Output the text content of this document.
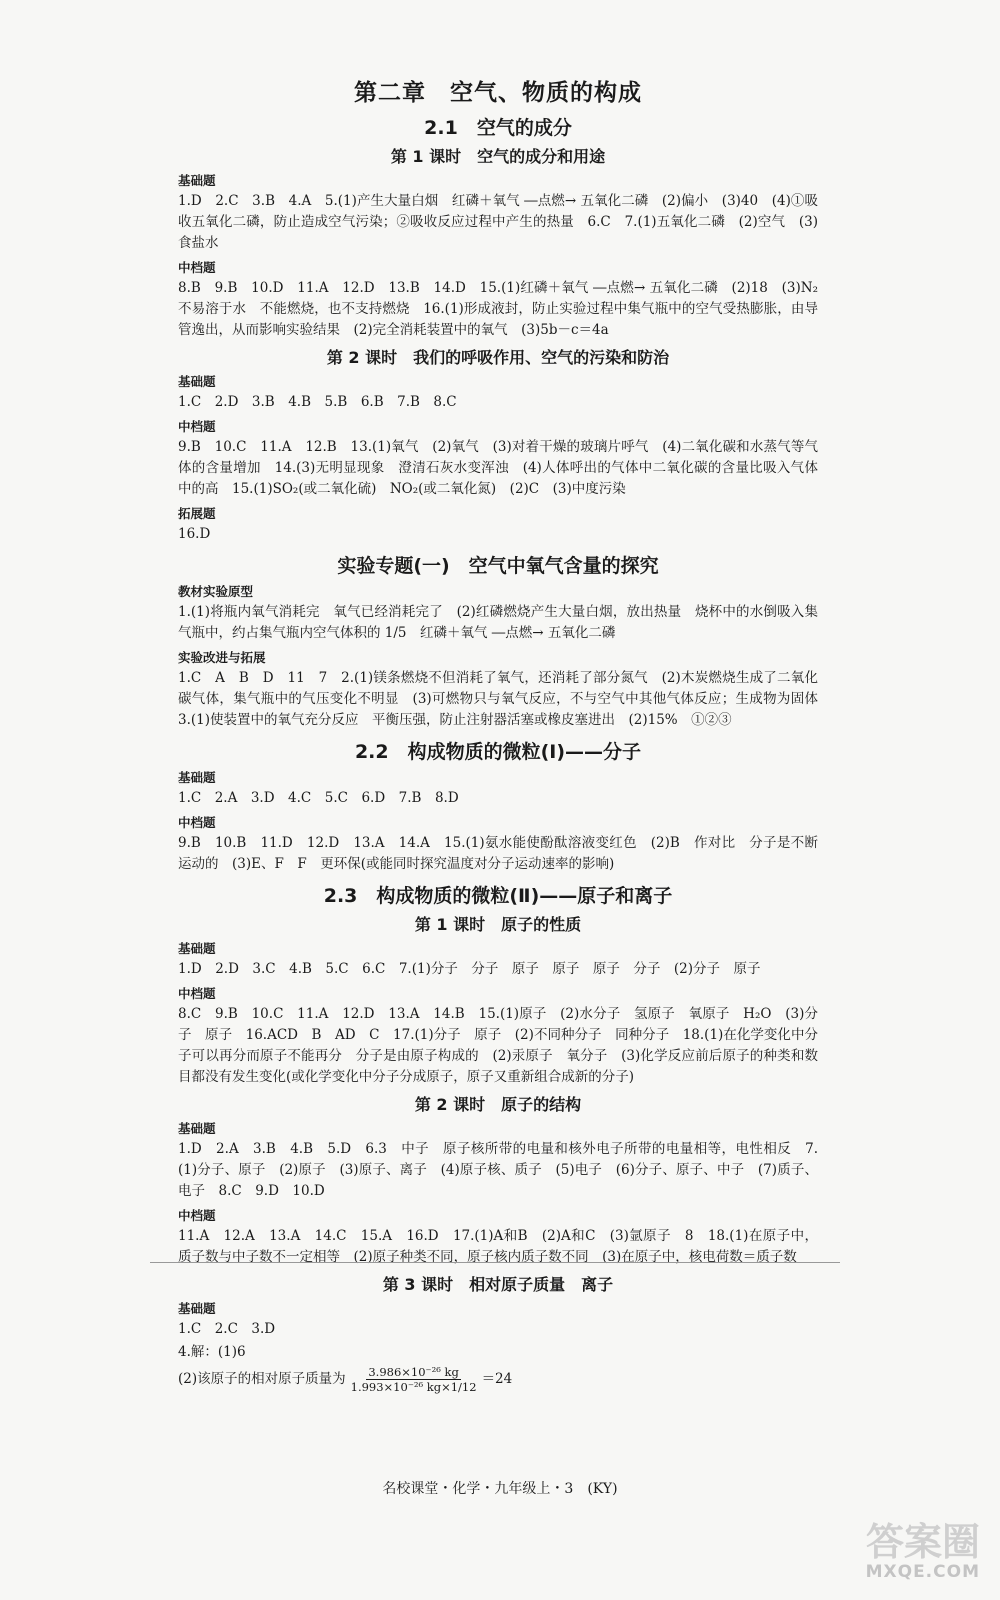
第二章　空气、物质的构成
2.1　空气的成分
第 1 课时　空气的成分和用途
基础题
1.D　2.C　3.B　4.A　5.(1)产生大量白烟　红磷＋氧气 ―点燃→ 五氧化二磷　(2)偏小　(3)40　(4)①吸收五氧化二磷，防止造成空气污染；②吸收反应过程中产生的热量　6.C　7.(1)五氧化二磷　(2)空气　(3)食盐水
中档题
8.B　9.B　10.D　11.A　12.D　13.B　14.D　15.(1)红磷＋氧气 ―点燃→ 五氧化二磷　(2)18　(3)N₂　不易溶于水　不能燃烧，也不支持燃烧　16.(1)形成液封，防止实验过程中集气瓶中的空气受热膨胀，由导管逸出，从而影响实验结果　(2)完全消耗装置中的氧气　(3)5b－c＝4a
第 2 课时　我们的呼吸作用、空气的污染和防治
基础题
1.C　2.D　3.B　4.B　5.B　6.B　7.B　8.C
中档题
9.B　10.C　11.A　12.B　13.(1)氧气　(2)氧气　(3)对着干燥的玻璃片呼气　(4)二氧化碳和水蒸气等气体的含量增加　14.(3)无明显现象　澄清石灰水变浑浊　(4)人体呼出的气体中二氧化碳的含量比吸入气体中的高　15.(1)SO₂(或二氧化硫)　NO₂(或二氧化氮)　(2)C　(3)中度污染
拓展题
16.D
实验专题(一)　空气中氧气含量的探究
教材实验原型
1.(1)将瓶内氧气消耗完　氧气已经消耗完了　(2)红磷燃烧产生大量白烟，放出热量　烧杯中的水倒吸入集气瓶中，约占集气瓶内空气体积的 1/5　红磷＋氧气 ―点燃→ 五氧化二磷
实验改进与拓展
1.C　A　B　D　11　7　2.(1)镁条燃烧不但消耗了氧气，还消耗了部分氮气　(2)木炭燃烧生成了二氧化碳气体，集气瓶中的气压变化不明显　(3)可燃物只与氧气反应，不与空气中其他气体反应；生成物为固体　3.(1)使装置中的氧气充分反应　平衡压强，防止注射器活塞或橡皮塞进出　(2)15%　①②③
2.2　构成物质的微粒(Ⅰ)——分子
基础题
1.C　2.A　3.D　4.C　5.C　6.D　7.B　8.D
中档题
9.B　10.B　11.D　12.D　13.A　14.A　15.(1)氨水能使酚酞溶液变红色　(2)B　作对比　分子是不断运动的　(3)E、F　F　更环保(或能同时探究温度对分子运动速率的影响)
2.3　构成物质的微粒(Ⅱ)——原子和离子
第 1 课时　原子的性质
基础题
1.D　2.D　3.C　4.B　5.C　6.C　7.(1)分子　分子　原子　原子　原子　分子　(2)分子　原子
中档题
8.C　9.B　10.C　11.A　12.D　13.A　14.B　15.(1)原子　(2)水分子　氢原子　氧原子　H₂O　(3)分子　原子　16.ACD　B　AD　C　17.(1)分子　原子　(2)不同种分子　同种分子　18.(1)在化学变化中分子可以再分而原子不能再分　分子是由原子构成的　(2)汞原子　氧分子　(3)化学反应前后原子的种类和数目都没有发生变化(或化学变化中分子分成原子，原子又重新组合成新的分子)
第 2 课时　原子的结构
基础题
1.D　2.A　3.B　4.B　5.D　6.3　中子　原子核所带的电量和核外电子所带的电量相等，电性相反　7.(1)分子、原子　(2)原子　(3)原子、离子　(4)原子核、质子　(5)电子　(6)分子、原子、中子　(7)质子、电子　8.C　9.D　10.D
中档题
11.A　12.A　13.A　14.C　15.A　16.D　17.(1)A和B　(2)A和C　(3)氩原子　8　18.(1)在原子中，质子数与中子数不一定相等　(2)原子种类不同，原子核内质子数不同　(3)在原子中，核电荷数＝质子数
第 3 课时　相对原子质量　离子
基础题
1.C　2.C　3.D
4.解：(1)6
(2)该原子的相对原子质量为 $\frac{\text{3.986×10⁻²⁶ kg}}{\text{1.993×10⁻²⁶ kg×1/12}} =24$
名校课堂・化学・九年级上・3　(KY)
答案圈
MXQE.COM
